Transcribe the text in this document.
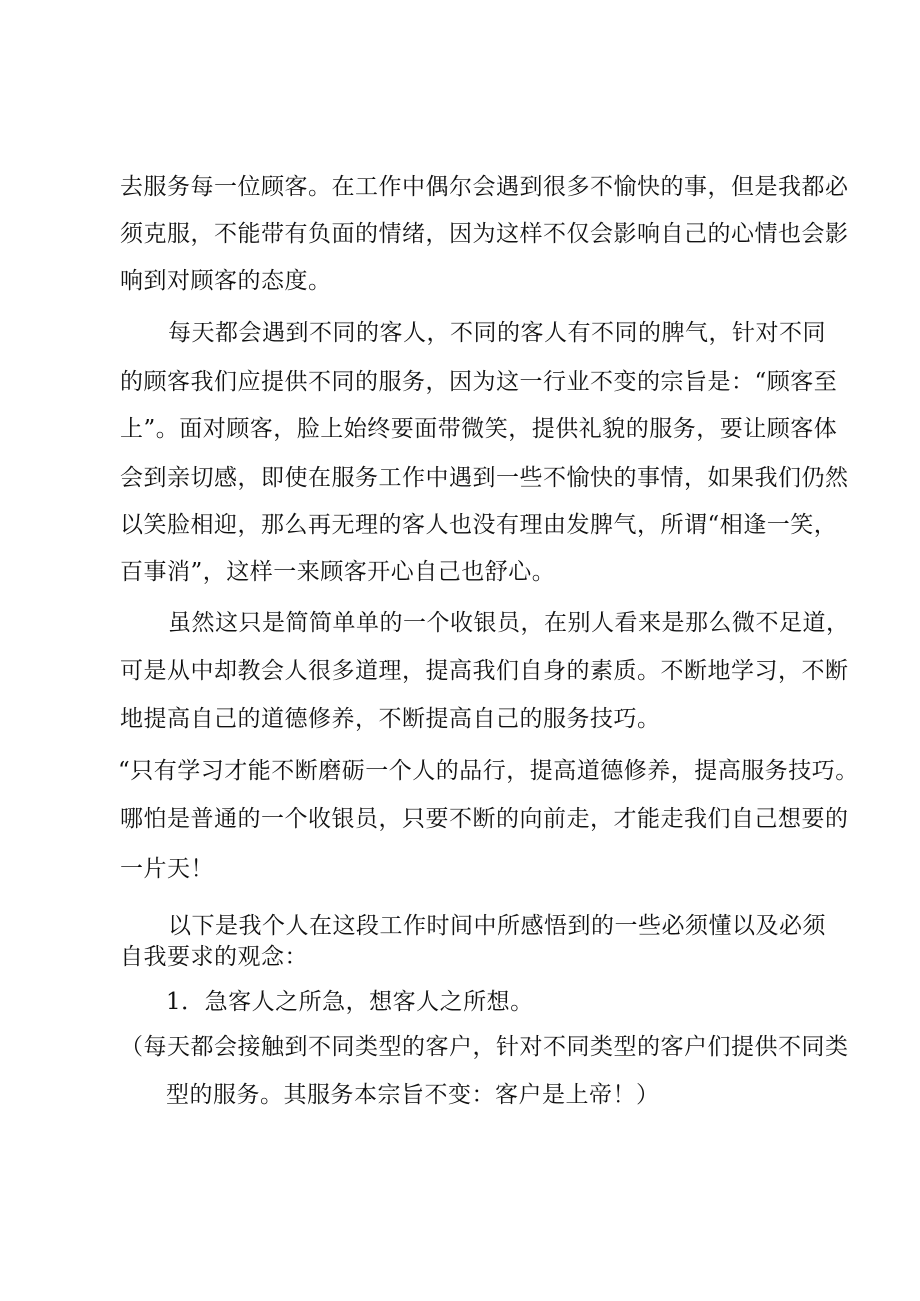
去服务每一位顾客。在工作中偶尔会遇到很多不愉快的事，但是我都必
须克服，不能带有负面的情绪，因为这样不仅会影响自己的心情也会影
响到对顾客的态度。
每天都会遇到不同的客人，不同的客人有不同的脾气，针对不同
的顾客我们应提供不同的服务，因为这一行业不变的宗旨是：“顾客至
上”。面对顾客，脸上始终要面带微笑，提供礼貌的服务，要让顾客体
会到亲切感，即使在服务工作中遇到一些不愉快的事情，如果我们仍然
以笑脸相迎，那么再无理的客人也没有理由发脾气，所谓“相逢一笑，
百事消”，这样一来顾客开心自己也舒心。
虽然这只是简简单单的一个收银员，在别人看来是那么微不足道，
可是从中却教会人很多道理，提高我们自身的素质。不断地学习，不断
地提高自己的道德修养，不断提高自己的服务技巧。
“只有学习才能不断磨砺一个人的品行，提高道德修养，提高服务技巧。
哪怕是普通的一个收银员，只要不断的向前走，才能走我们自己想要的
一片天！
以下是我个人在这段工作时间中所感悟到的一些必须懂以及必须
自我要求的观念：
1．急客人之所急，想客人之所想。
（每天都会接触到不同类型的客户，针对不同类型的客户们提供不同类
型的服务。其服务本宗旨不变：客户是上帝！）
